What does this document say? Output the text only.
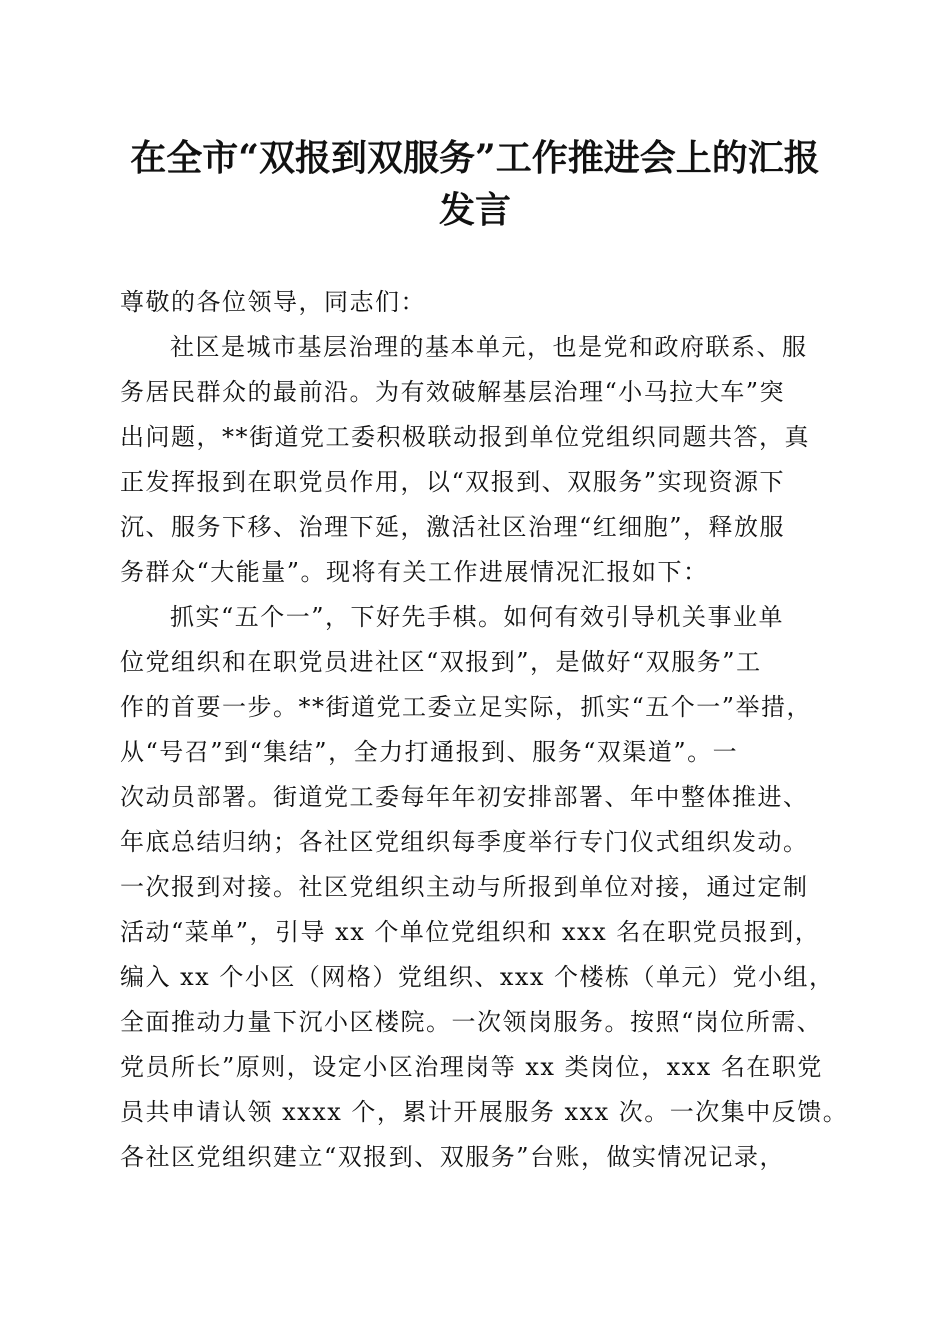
在全市“双报到双服务”工作推进会上的汇报
发言
尊敬的各位领导，同志们：
社区是城市基层治理的基本单元，也是党和政府联系、服
务居民群众的最前沿。为有效破解基层治理“小马拉大车”突
出问题，**街道党工委积极联动报到单位党组织同题共答，真
正发挥报到在职党员作用，以“双报到、双服务”实现资源下
沉、服务下移、治理下延，激活社区治理“红细胞”，释放服
务群众“大能量”。现将有关工作进展情况汇报如下：
抓实“五个一”，下好先手棋。如何有效引导机关事业单
位党组织和在职党员进社区“双报到”，是做好“双服务”工
作的首要一步。**街道党工委立足实际，抓实“五个一”举措，
从“号召”到“集结”，全力打通报到、服务“双渠道”。一
次动员部署。街道党工委每年年初安排部署、年中整体推进、
年底总结归纳；各社区党组织每季度举行专门仪式组织发动。
一次报到对接。社区党组织主动与所报到单位对接，通过定制
活动“菜单”，引导 xx 个单位党组织和 xxx 名在职党员报到，
编入 xx 个小区（网格）党组织、xxx 个楼栋（单元）党小组，
全面推动力量下沉小区楼院。一次领岗服务。按照“岗位所需、
党员所长”原则，设定小区治理岗等 xx 类岗位，xxx 名在职党
员共申请认领 xxxx 个，累计开展服务 xxx 次。一次集中反馈。
各社区党组织建立“双报到、双服务”台账，做实情况记录，
